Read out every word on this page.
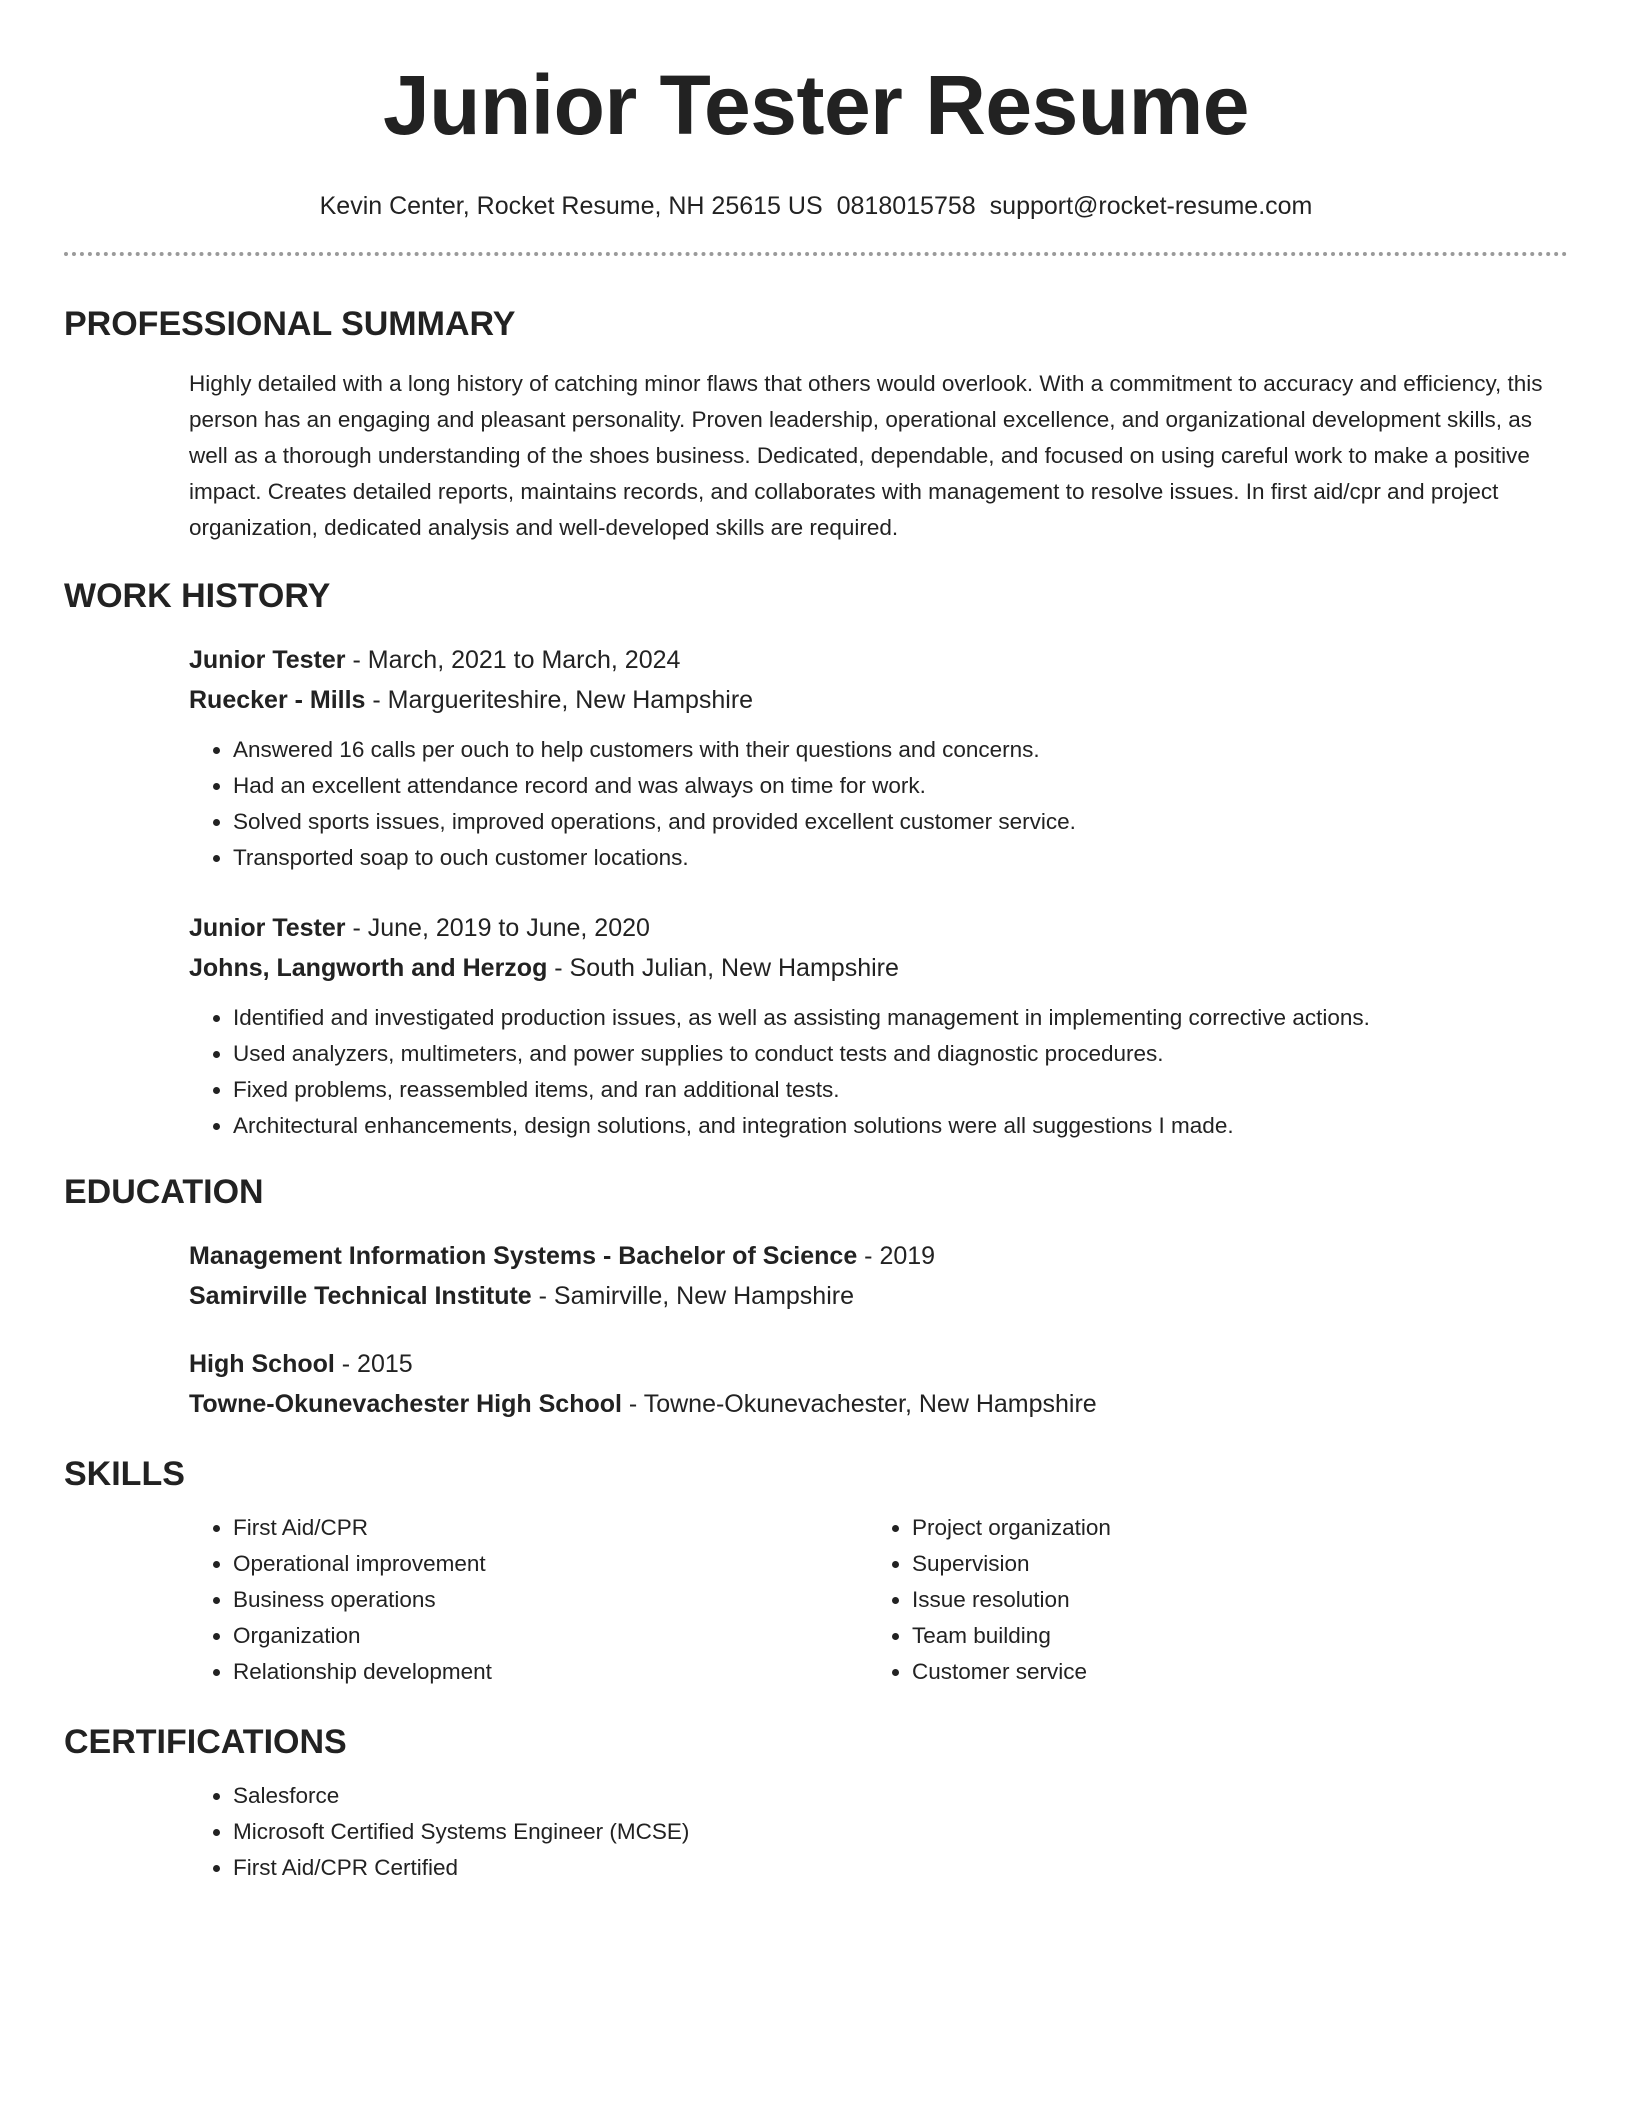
Junior Tester Resume
Kevin Center, Rocket Resume, NH 25615 US 0818015758 support@rocket-resume.com
PROFESSIONAL SUMMARY

Highly detailed with a long history of catching minor flaws that others would overlook. With a commitment to accuracy and efficiency, this person has an engaging and pleasant personality. Proven leadership, operational excellence, and organizational development skills, as well as a thorough understanding of the shoes business. Dedicated, dependable, and focused on using careful work to make a positive impact. Creates detailed reports, maintains records, and collaborates with management to resolve issues. In first aid/cpr and project organization, dedicated analysis and well-developed skills are required.

WORK HISTORY
Junior Tester - March, 2021 to March, 2024
Ruecker - Mills - Margueriteshire, New Hampshire
• Answered 16 calls per ouch to help customers with their questions and concerns.
• Had an excellent attendance record and was always on time for work.
• Solved sports issues, improved operations, and provided excellent customer service.
• Transported soap to ouch customer locations.
Junior Tester - June, 2019 to June, 2020
Johns, Langworth and Herzog - South Julian, New Hampshire
• Identified and investigated production issues, as well as assisting management in implementing corrective actions.
• Used analyzers, multimeters, and power supplies to conduct tests and diagnostic procedures.
• Fixed problems, reassembled items, and ran additional tests.
• Architectural enhancements, design solutions, and integration solutions were all suggestions I made.
EDUCATION
Management Information Systems - Bachelor of Science - 2019
Samirville Technical Institute - Samirville, New Hampshire
High School - 2015
Towne-Okunevachester High School - Towne-Okunevachester, New Hampshire
SKILLS
• First Aid/CPR
• Operational improvement
• Business operations
• Organization
• Relationship development
• Project organization
• Supervision
• Issue resolution
• Team building
• Customer service
CERTIFICATIONS
• Salesforce
• Microsoft Certified Systems Engineer (MCSE)
• First Aid/CPR Certified
